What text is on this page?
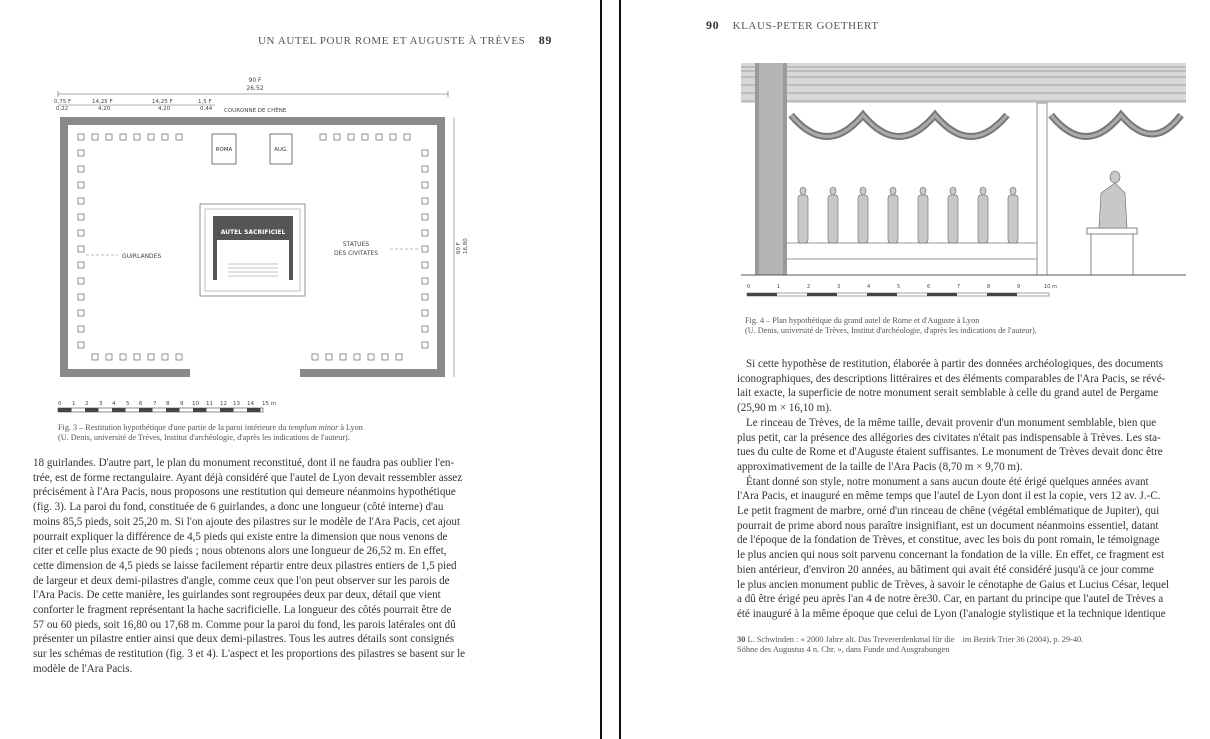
UN AUTEL POUR ROME ET AUGUSTE À TRÈVES 89
90 F
26,52
0,75 F
0,22
14,25 F
4,20
14,25 F
4,20
1,5 F
0,44 COURONNE DE CHÊNE
ROMA	AUG.
AUTEL SACRIFICIEL
GUIRLANDES
STATUES
DES CIVITATES	60 F 16,80
0 1 2 3 4 5 6 7 8 9 10 11 12 13 14 15 m
Fig. 3 – Restitution hypothétique d'une partie de la paroi intérieure du templum minor à Lyon
(U. Denis, université de Trèves, Institut d'archéologie, d'après les indications de l'auteur).

18 guirlandes. D'autre part, le plan du monument reconstitué, dont il ne faudra pas oublier l'en-

trée, est de forme rectangulaire. Ayant déjà considéré que l'autel de Lyon devait ressembler assez

précisément à l'Ara Pacis, nous proposons une restitution qui demeure néanmoins hypothétique

(fig. 3). La paroi du fond, constituée de 6 guirlandes, a donc une longueur (côté interne) d'au

moins 85,5 pieds, soit 25,20 m. Si l'on ajoute des pilastres sur le modèle de l'Ara Pacis, cet ajout

pourrait expliquer la différence de 4,5 pieds qui existe entre la dimension que nous venons de

citer et celle plus exacte de 90 pieds ; nous obtenons alors une longueur de 26,52 m. En effet,

cette dimension de 4,5 pieds se laisse facilement répartir entre deux pilastres entiers de 1,5 pied

de largeur et deux demi-pilastres d'angle, comme ceux que l'on peut observer sur les parois de

l'Ara Pacis. De cette manière, les guirlandes sont regroupées deux par deux, détail que vient

conforter le fragment représentant la hache sacrificielle. La longueur des côtés pourrait être de

57 ou 60 pieds, soit 16,80 ou 17,68 m. Comme pour la paroi du fond, les parois latérales ont dû

présenter un pilastre entier ainsi que deux demi-pilastres. Tous les autres détails sont consignés

sur les schémas de restitution (fig. 3 et 4). L'aspect et les proportions des pilastres se basent sur le

modèle de l'Ara Pacis.

90 KLAUS-PETER GOETHERT
0	1	2	3	4	5	6	7	8	9	10 m
Fig. 4 – Plan hypothétique du grand autel de Rome et d'Auguste à Lyon
(U. Denis, université de Trèves, Institut d'archéologie, d'après les indications de l'auteur).

Si cette hypothèse de restitution, élaborée à partir des données archéologiques, des documents

iconographiques, des descriptions littéraires et des éléments comparables de l'Ara Pacis, se révé-

lait exacte, la superficie de notre monument serait semblable à celle du grand autel de Pergame

(25,90 m × 16,10 m).

Le rinceau de Trèves, de la même taille, devait provenir d'un monument semblable, bien que

plus petit, car la présence des allégories des civitates n'était pas indispensable à Trèves. Les sta-

tues du culte de Rome et d'Auguste étaient suffisantes. Le monument de Trèves devait donc être

approximativement de la taille de l'Ara Pacis (8,70 m × 9,70 m).

Étant donné son style, notre monument a sans aucun doute été érigé quelques années avant

l'Ara Pacis, et inauguré en même temps que l'autel de Lyon dont il est la copie, vers 12 av. J.-C.

Le petit fragment de marbre, orné d'un rinceau de chêne (végétal emblématique de Jupiter), qui

pourrait de prime abord nous paraître insignifiant, est un document néanmoins essentiel, datant

de l'époque de la fondation de Trèves, et constitue, avec les bois du pont romain, le témoignage

le plus ancien qui nous soit parvenu concernant la fondation de la ville. En effet, ce fragment est

bien antérieur, d'environ 20 années, au bâtiment qui avait été considéré jusqu'à ce jour comme

le plus ancien monument public de Trèves, à savoir le cénotaphe de Gaius et Lucius César, lequel

a dû être érigé peu après l'an 4 de notre ère30. Car, en partant du principe que l'autel de Trèves a

été inauguré à la même époque que celui de Lyon (l'analogie stylistique et la technique identique

30 L. Schwinden : « 2000 Jahre alt. Das Trevererdenkmal für die im Bezirk Trier 36 (2004), p. 29-40.
Söhne des Augustus 4 n. Chr. », dans Funde und Ausgrabungen
